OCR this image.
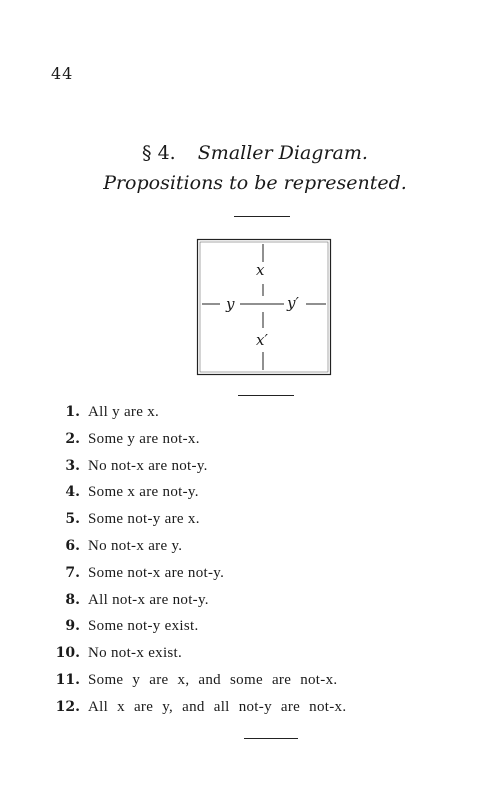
44
§ 4. Smaller Diagram.
Propositions to be represented.
x
x′
y	y′
1. All y are x.
2. Some y are not-x.
3. No not-x are not-y.
4. Some x are not-y.
5. Some not-y are x.
6. No not-x are y.
7. Some not-x are not-y.
8. All not-x are not-y.
9. Some not-y exist.
10. No not-x exist.
11. Some y are x, and some are not-x.
12. All x are y, and all not-y are not-x.
